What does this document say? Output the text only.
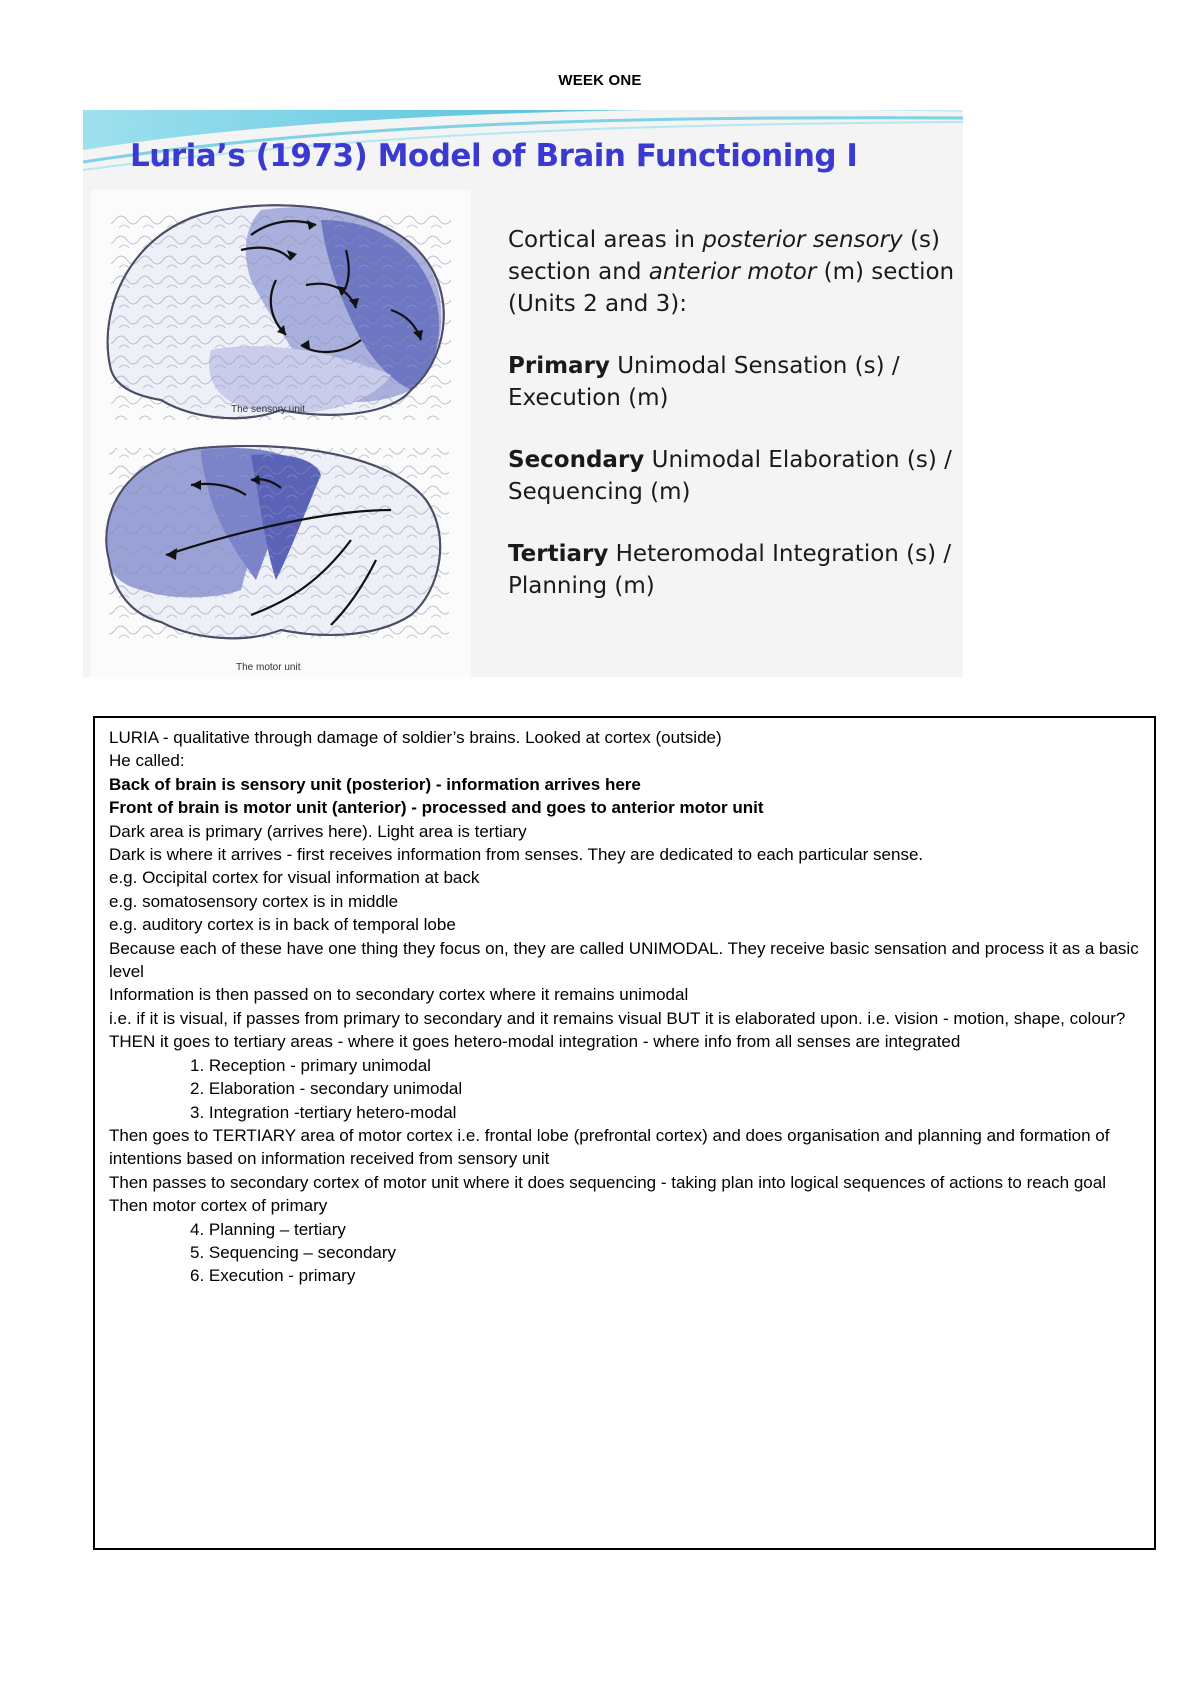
WEEK ONE
Luria’s (1973) Model of Brain Functioning I
The sensory unit
The motor unit

Cortical areas in posterior sensory (s) section and anterior motor (m) section (Units 2 and 3):

Primary Unimodal Sensation (s) / Execution (m)

Secondary Unimodal Elaboration (s) / Sequencing (m)

Tertiary Heteromodal Integration (s) / Planning (m)

LURIA - qualitative through damage of soldier’s brains. Looked at cortex (outside)
He called:
Back of brain is sensory unit (posterior) - information arrives here
Front of brain is motor unit (anterior) - processed and goes to anterior motor unit
Dark area is primary (arrives here). Light area is tertiary
Dark is where it arrives - first receives information from senses. They are dedicated to each particular sense.
e.g. Occipital cortex for visual information at back
e.g. somatosensory cortex is in middle
e.g. auditory cortex is in back of temporal lobe
Because each of these have one thing they focus on, they are called UNIMODAL. They receive basic sensation and process it as a basic level
Information is then passed on to secondary cortex where it remains unimodal
i.e. if it is visual, if passes from primary to secondary and it remains visual BUT it is elaborated upon. i.e. vision - motion, shape, colour?
THEN it goes to tertiary areas - where it goes hetero-modal integration - where info from all senses are integrated
1. Reception - primary unimodal
2. Elaboration - secondary unimodal
3. Integration -tertiary hetero-modal
Then goes to TERTIARY area of motor cortex i.e. frontal lobe (prefrontal cortex) and does organisation and planning and formation of intentions based on information received from sensory unit
Then passes to secondary cortex of motor unit where it does sequencing - taking plan into logical sequences of actions to reach goal
Then motor cortex of primary
4. Planning – tertiary
5. Sequencing – secondary
6. Execution - primary
